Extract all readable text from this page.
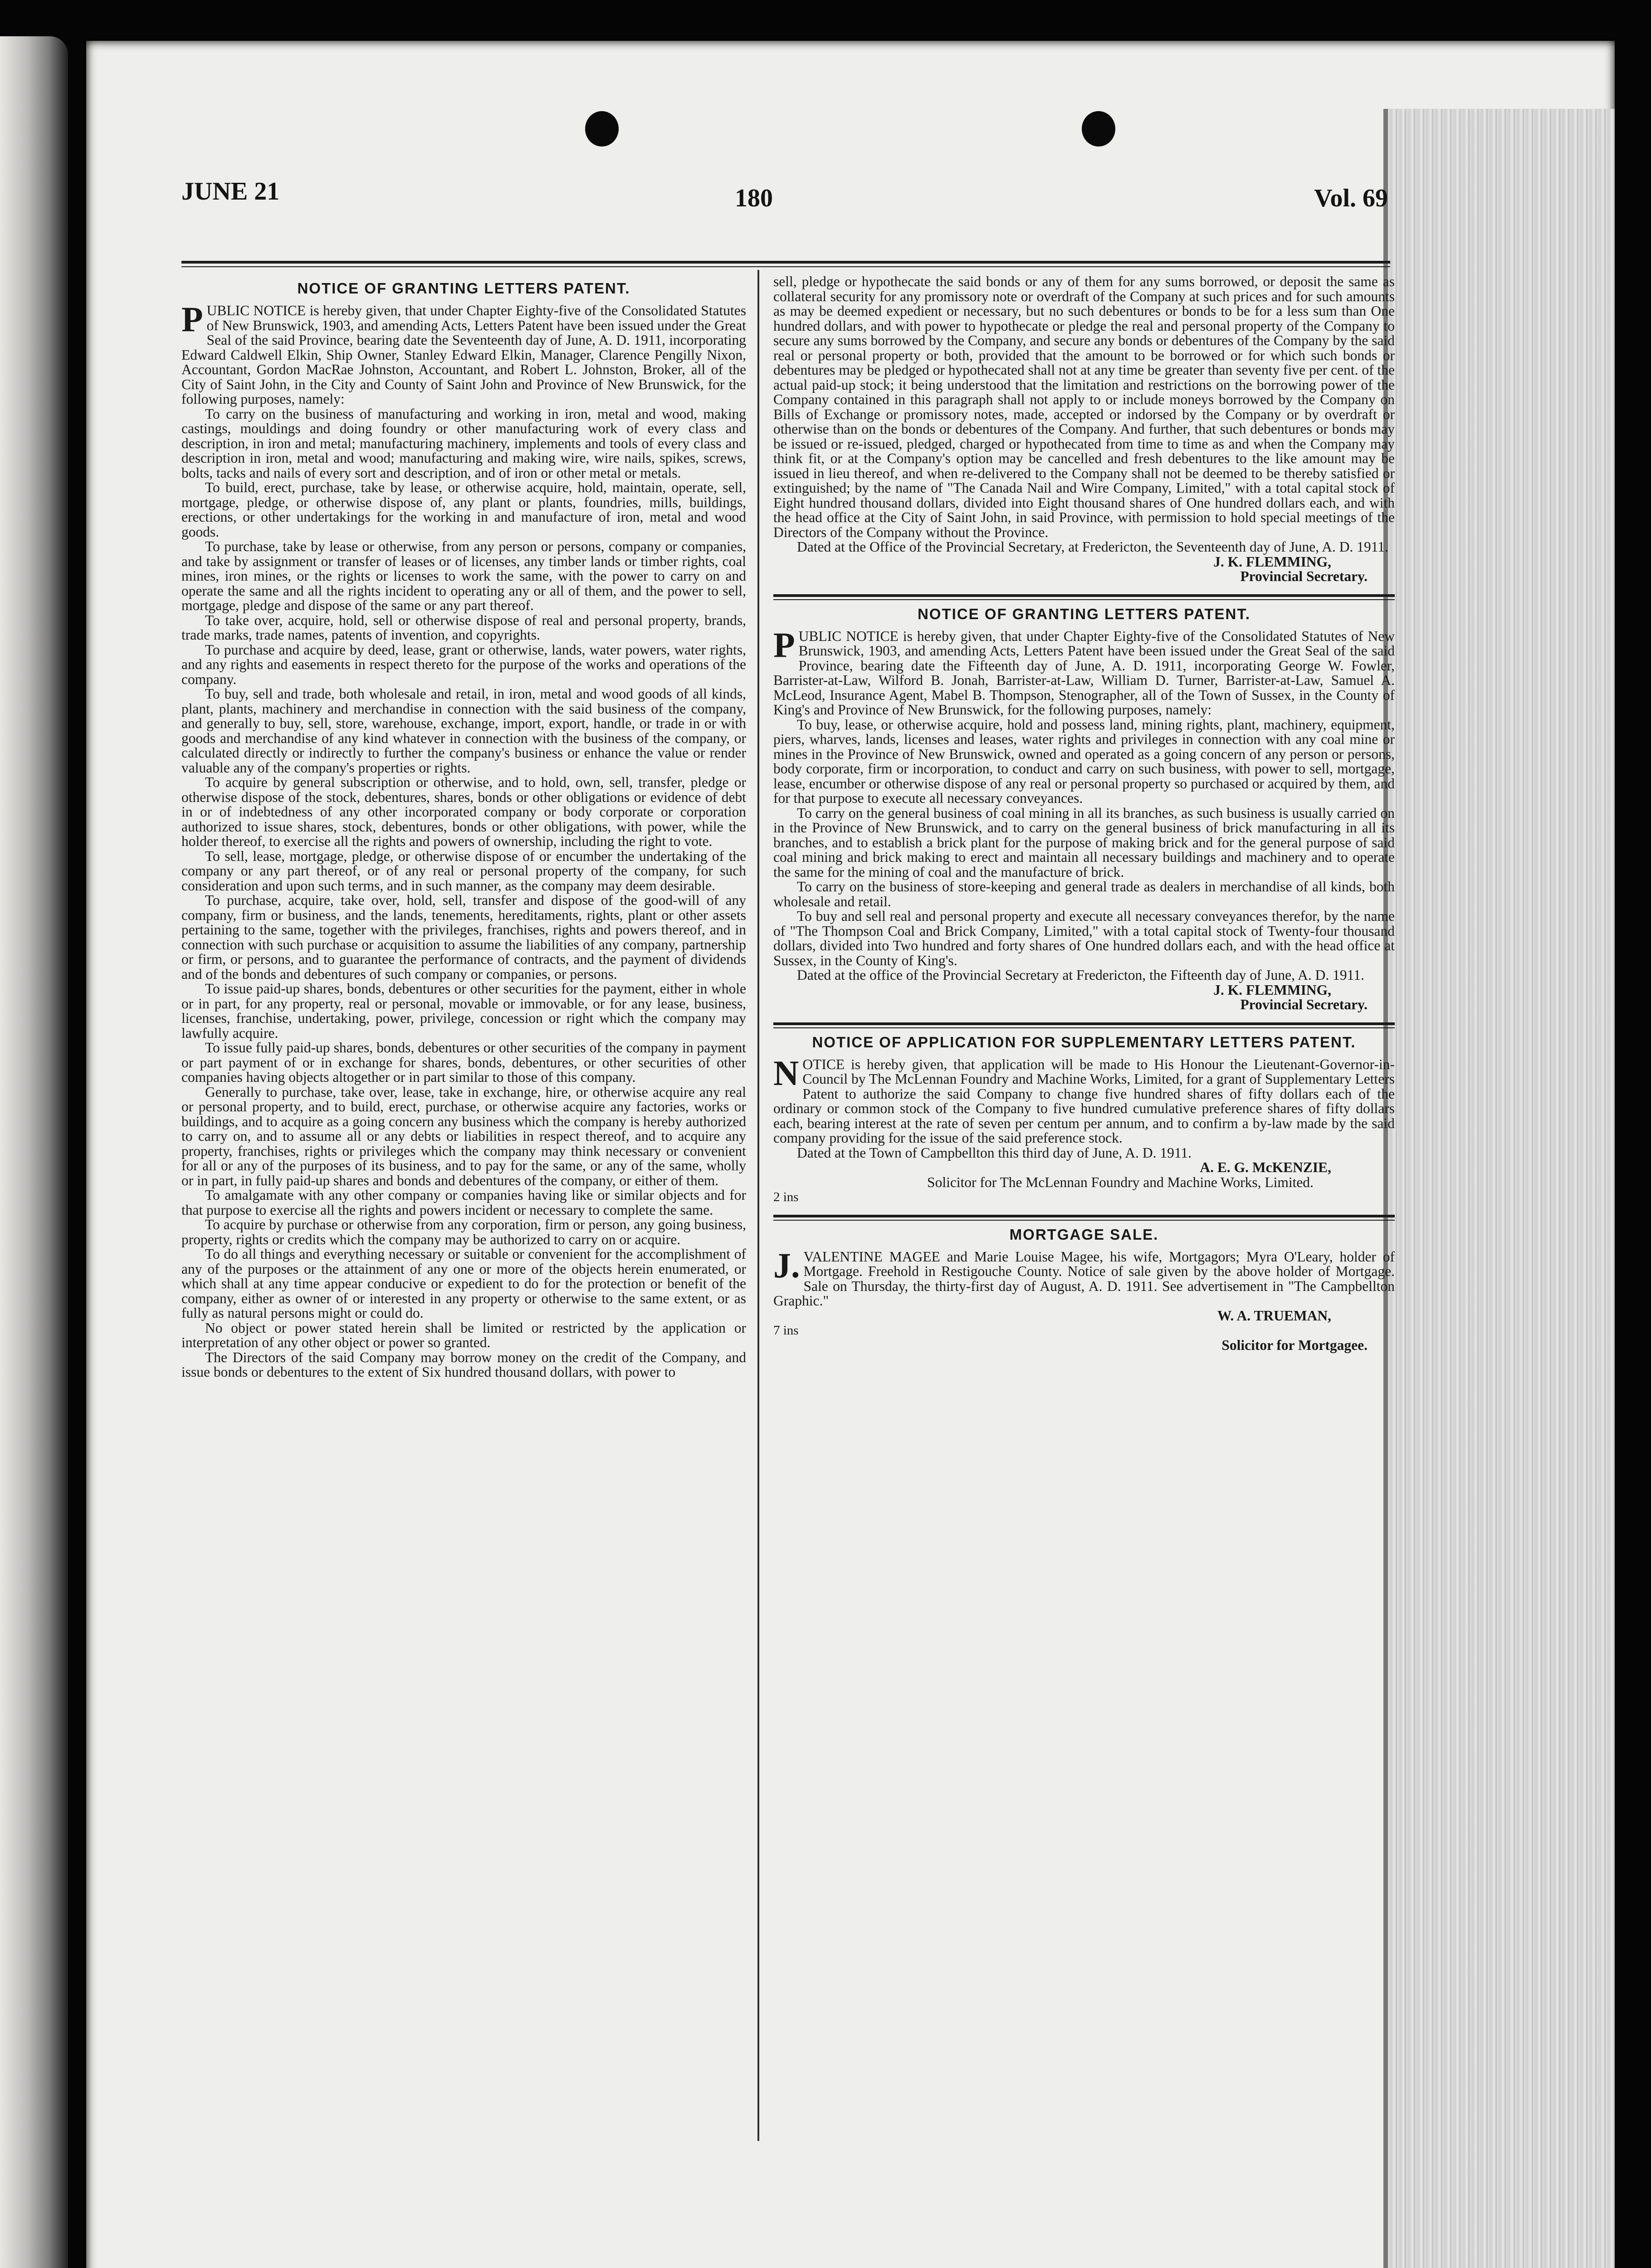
JUNE 21	180	Vol. 69
NOTICE OF GRANTING LETTERS PATENT.

PUBLIC NOTICE is hereby given, that under Chapter Eighty-five of the Consolidated Statutes of New Brunswick, 1903, and amending Acts, Letters Patent have been issued under the Great Seal of the said Province, bearing date the Seventeenth day of June, A. D. 1911, incorporating Edward Caldwell Elkin, Ship Owner, Stanley Edward Elkin, Manager, Clarence Pengilly Nixon, Accountant, Gordon MacRae Johnston, Accountant, and Robert L. Johnston, Broker, all of the City of Saint John, in the City and County of Saint John and Province of New Brunswick, for the following purposes, namely:

To carry on the business of manufacturing and working in iron, metal and wood, making castings, mouldings and doing foundry or other manufacturing work of every class and description, in iron and metal; manufacturing machinery, implements and tools of every class and description in iron, metal and wood; manufacturing and making wire, wire nails, spikes, screws, bolts, tacks and nails of every sort and description, and of iron or other metal or metals.

To build, erect, purchase, take by lease, or otherwise acquire, hold, maintain, operate, sell, mortgage, pledge, or otherwise dispose of, any plant or plants, foundries, mills, buildings, erections, or other undertakings for the working in and manufacture of iron, metal and wood goods.

To purchase, take by lease or otherwise, from any person or persons, company or companies, and take by assignment or transfer of leases or of licenses, any timber lands or timber rights, coal mines, iron mines, or the rights or licenses to work the same, with the power to carry on and operate the same and all the rights incident to operating any or all of them, and the power to sell, mortgage, pledge and dispose of the same or any part thereof.

To take over, acquire, hold, sell or otherwise dispose of real and personal property, brands, trade marks, trade names, patents of invention, and copyrights.

To purchase and acquire by deed, lease, grant or otherwise, lands, water powers, water rights, and any rights and easements in respect thereto for the purpose of the works and operations of the company.

To buy, sell and trade, both wholesale and retail, in iron, metal and wood goods of all kinds, plant, plants, machinery and merchandise in connection with the said business of the company, and generally to buy, sell, store, warehouse, exchange, import, export, handle, or trade in or with goods and merchandise of any kind whatever in connection with the business of the company, or calculated directly or indirectly to further the company's business or enhance the value or render valuable any of the company's properties or rights.

To acquire by general subscription or otherwise, and to hold, own, sell, transfer, pledge or otherwise dispose of the stock, debentures, shares, bonds or other obligations or evidence of debt in or of indebtedness of any other incorporated company or body corporate or corporation authorized to issue shares, stock, debentures, bonds or other obligations, with power, while the holder thereof, to exercise all the rights and powers of ownership, including the right to vote.

To sell, lease, mortgage, pledge, or otherwise dispose of or encumber the undertaking of the company or any part thereof, or of any real or personal property of the company, for such consideration and upon such terms, and in such manner, as the company may deem desirable.

To purchase, acquire, take over, hold, sell, transfer and dispose of the good-will of any company, firm or business, and the lands, tenements, hereditaments, rights, plant or other assets pertaining to the same, together with the privileges, franchises, rights and powers thereof, and in connection with such purchase or acquisition to assume the liabilities of any company, partnership or firm, or persons, and to guarantee the performance of contracts, and the payment of dividends and of the bonds and debentures of such company or companies, or persons.

To issue paid-up shares, bonds, debentures or other securities for the payment, either in whole or in part, for any property, real or personal, movable or immovable, or for any lease, business, licenses, franchise, undertaking, power, privilege, concession or right which the company may lawfully acquire.

To issue fully paid-up shares, bonds, debentures or other securities of the company in payment or part payment of or in exchange for shares, bonds, debentures, or other securities of other companies having objects altogether or in part similar to those of this company.

Generally to purchase, take over, lease, take in exchange, hire, or otherwise acquire any real or personal property, and to build, erect, purchase, or otherwise acquire any factories, works or buildings, and to acquire as a going concern any business which the company is hereby authorized to carry on, and to assume all or any debts or liabilities in respect thereof, and to acquire any property, franchises, rights or privileges which the company may think necessary or convenient for all or any of the purposes of its business, and to pay for the same, or any of the same, wholly or in part, in fully paid-up shares and bonds and debentures of the company, or either of them.

To amalgamate with any other company or companies having like or similar objects and for that purpose to exercise all the rights and powers incident or necessary to complete the same.

To acquire by purchase or otherwise from any corporation, firm or person, any going business, property, rights or credits which the company may be authorized to carry on or acquire.

To do all things and everything necessary or suitable or convenient for the accomplishment of any of the purposes or the attainment of any one or more of the objects herein enumerated, or which shall at any time appear conducive or expedient to do for the protection or benefit of the company, either as owner of or interested in any property or otherwise to the same extent, or as fully as natural persons might or could do.

No object or power stated herein shall be limited or restricted by the application or interpretation of any other object or power so granted.

The Directors of the said Company may borrow money on the credit of the Company, and issue bonds or debentures to the extent of Six hundred thousand dollars, with power to

sell, pledge or hypothecate the said bonds or any of them for any sums borrowed, or deposit the same as collateral security for any promissory note or overdraft of the Company at such prices and for such amounts as may be deemed expedient or necessary, but no such debentures or bonds to be for a less sum than One hundred dollars, and with power to hypothecate or pledge the real and personal property of the Company to secure any sums borrowed by the Company, and secure any bonds or debentures of the Company by the said real or personal property or both, provided that the amount to be borrowed or for which such bonds or debentures may be pledged or hypothecated shall not at any time be greater than seventy five per cent. of the actual paid-up stock; it being understood that the limitation and restrictions on the borrowing power of the Company contained in this paragraph shall not apply to or include moneys borrowed by the Company on Bills of Exchange or promissory notes, made, accepted or indorsed by the Company or by overdraft or otherwise than on the bonds or debentures of the Company. And further, that such debentures or bonds may be issued or re-issued, pledged, charged or hypothecated from time to time as and when the Company may think fit, or at the Company's option may be cancelled and fresh debentures to the like amount may be issued in lieu thereof, and when re-delivered to the Company shall not be deemed to be thereby satisfied or extinguished; by the name of "The Canada Nail and Wire Company, Limited," with a total capital stock of Eight hundred thousand dollars, divided into Eight thousand shares of One hundred dollars each, and with the head office at the City of Saint John, in said Province, with permission to hold special meetings of the Directors of the Company without the Province.

Dated at the Office of the Provincial Secretary, at Fredericton, the Seventeenth day of June, A. D. 1911.

J. K. FLEMMING,

Provincial Secretary.

NOTICE OF GRANTING LETTERS PATENT.

PUBLIC NOTICE is hereby given, that under Chapter Eighty-five of the Consolidated Statutes of New Brunswick, 1903, and amending Acts, Letters Patent have been issued under the Great Seal of the said Province, bearing date the Fifteenth day of June, A. D. 1911, incorporating George W. Fowler, Barrister-at-Law, Wilford B. Jonah, Barrister-at-Law, William D. Turner, Barrister-at-Law, Samuel A. McLeod, Insurance Agent, Mabel B. Thompson, Stenographer, all of the Town of Sussex, in the County of King's and Province of New Brunswick, for the following purposes, namely:

To buy, lease, or otherwise acquire, hold and possess land, mining rights, plant, machinery, equipment, piers, wharves, lands, licenses and leases, water rights and privileges in connection with any coal mine or mines in the Province of New Brunswick, owned and operated as a going concern of any person or persons, body corporate, firm or incorporation, to conduct and carry on such business, with power to sell, mortgage, lease, encumber or otherwise dispose of any real or personal property so purchased or acquired by them, and for that purpose to execute all necessary conveyances.

To carry on the general business of coal mining in all its branches, as such business is usually carried on in the Province of New Brunswick, and to carry on the general business of brick manufacturing in all its branches, and to establish a brick plant for the purpose of making brick and for the general purpose of said coal mining and brick making to erect and maintain all necessary buildings and machinery and to operate the same for the mining of coal and the manufacture of brick.

To carry on the business of store-keeping and general trade as dealers in merchandise of all kinds, both wholesale and retail.

To buy and sell real and personal property and execute all necessary conveyances therefor, by the name of "The Thompson Coal and Brick Company, Limited," with a total capital stock of Twenty-four thousand dollars, divided into Two hundred and forty shares of One hundred dollars each, and with the head office at Sussex, in the County of King's.

Dated at the office of the Provincial Secretary at Fredericton, the Fifteenth day of June, A. D. 1911.

J. K. FLEMMING,

Provincial Secretary.

NOTICE OF APPLICATION FOR SUPPLEMENTARY LETTERS PATENT.

NOTICE is hereby given, that application will be made to His Honour the Lieutenant-Governor-in-Council by The McLennan Foundry and Machine Works, Limited, for a grant of Supplementary Letters Patent to authorize the said Company to change five hundred shares of fifty dollars each of the ordinary or common stock of the Company to five hundred cumulative preference shares of fifty dollars each, bearing interest at the rate of seven per centum per annum, and to confirm a by-law made by the said company providing for the issue of the said preference stock.

Dated at the Town of Campbellton this third day of June, A. D. 1911.

A. E. G. McKENZIE,

Solicitor for The McLennan Foundry and Machine Works, Limited.

2 ins

MORTGAGE SALE.

J.VALENTINE MAGEE and Marie Louise Magee, his wife, Mortgagors; Myra O'Leary, holder of Mortgage. Freehold in Restigouche County. Notice of sale given by the above holder of Mortgage. Sale on Thursday, the thirty-first day of August, A. D. 1911. See advertisement in "The Campbellton Graphic."

W. A. TRUEMAN,

7 ins

Solicitor for Mortgagee.
